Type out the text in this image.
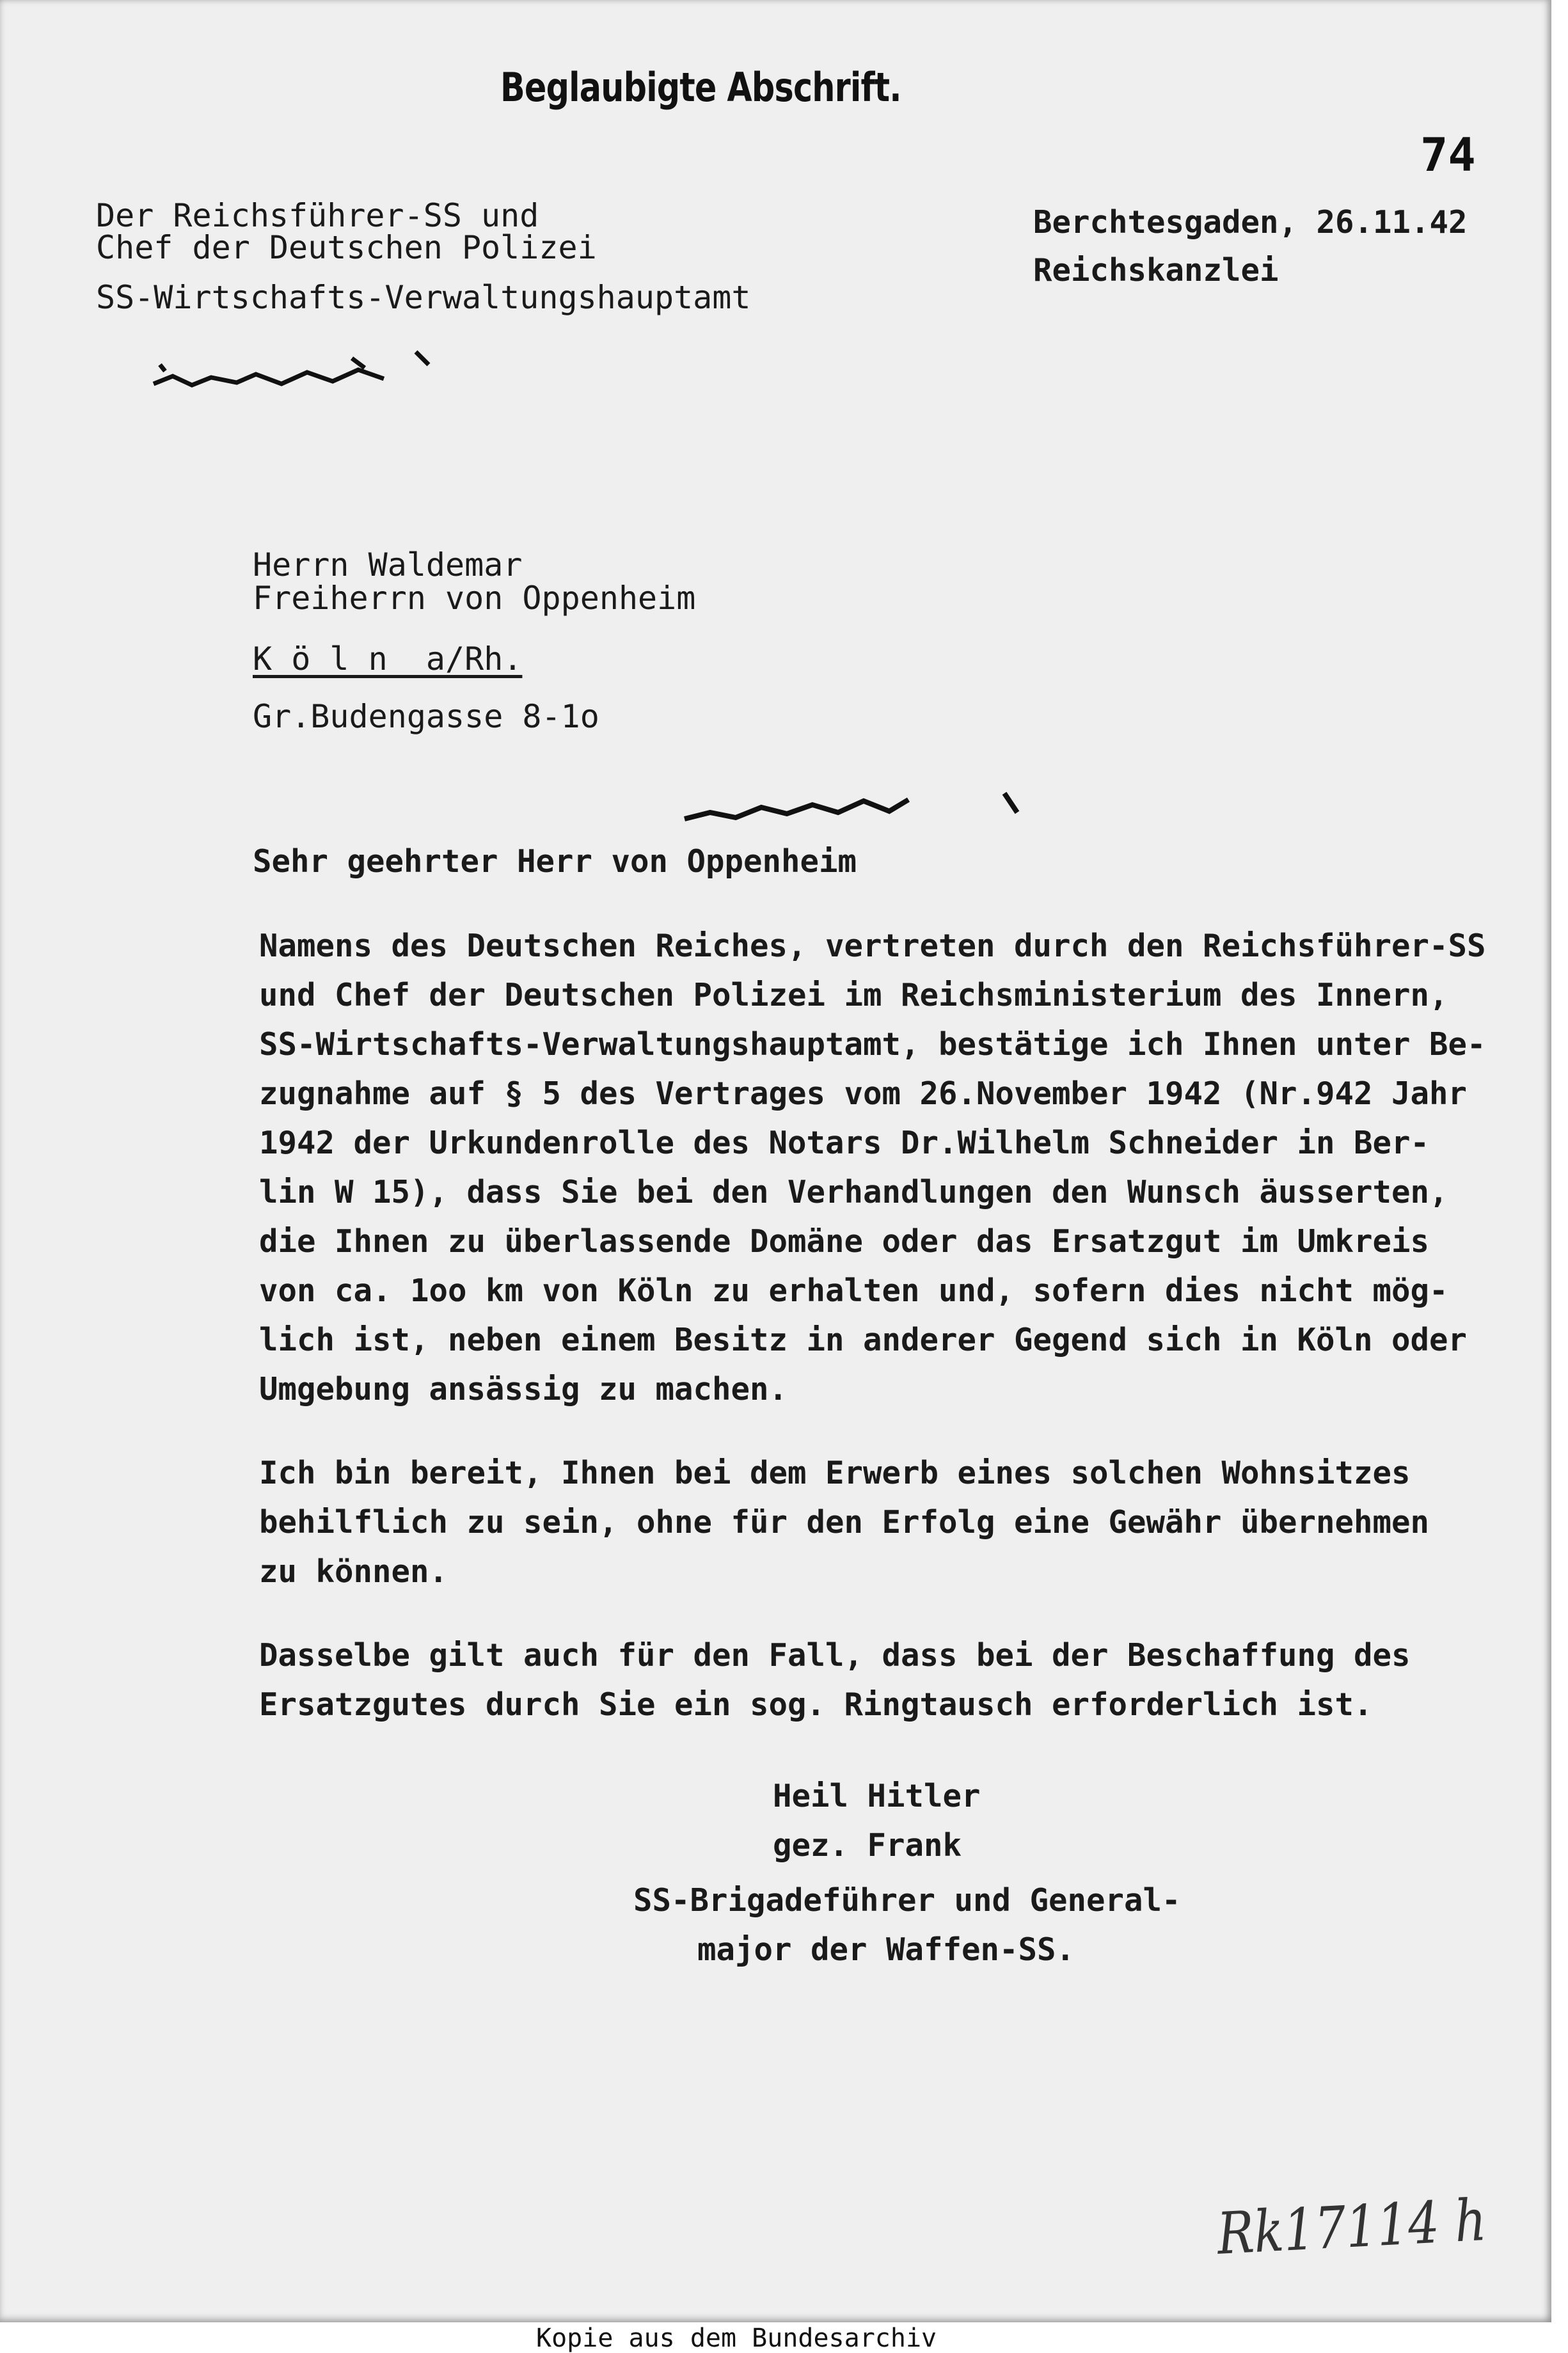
Beglaubigte Abschrift.
74
Der Reichsführer-SS und
Chef der Deutschen Polizei
SS-Wirtschafts-Verwaltungshauptamt
Berchtesgaden, 26.11.42
Reichskanzlei
Herrn Waldemar
Freiherrn von Oppenheim
K ö l n  a/Rh.
Gr.Budengasse 8-1o
Sehr geehrter Herr von Oppenheim
Namens des Deutschen Reiches, vertreten durch den Reichsführer-SS
und Chef der Deutschen Polizei im Reichsministerium des Innern,
SS-Wirtschafts-Verwaltungshauptamt, bestätige ich Ihnen unter Be-
zugnahme auf § 5 des Vertrages vom 26.November 1942 (Nr.942 Jahr
1942 der Urkundenrolle des Notars Dr.Wilhelm Schneider in Ber-
lin W 15), dass Sie bei den Verhandlungen den Wunsch äusserten,
die Ihnen zu überlassende Domäne oder das Ersatzgut im Umkreis
von ca. 1oo km von Köln zu erhalten und, sofern dies nicht mög-
lich ist, neben einem Besitz in anderer Gegend sich in Köln oder
Umgebung ansässig zu machen.
Ich bin bereit, Ihnen bei dem Erwerb eines solchen Wohnsitzes
behilflich zu sein, ohne für den Erfolg eine Gewähr übernehmen
zu können.
Dasselbe gilt auch für den Fall, dass bei der Beschaffung des
Ersatzgutes durch Sie ein sog. Ringtausch erforderlich ist.
Heil Hitler
gez. Frank
SS-Brigadeführer und General-
major der Waffen-SS.
Rk17114 h
Kopie aus dem Bundesarchiv
